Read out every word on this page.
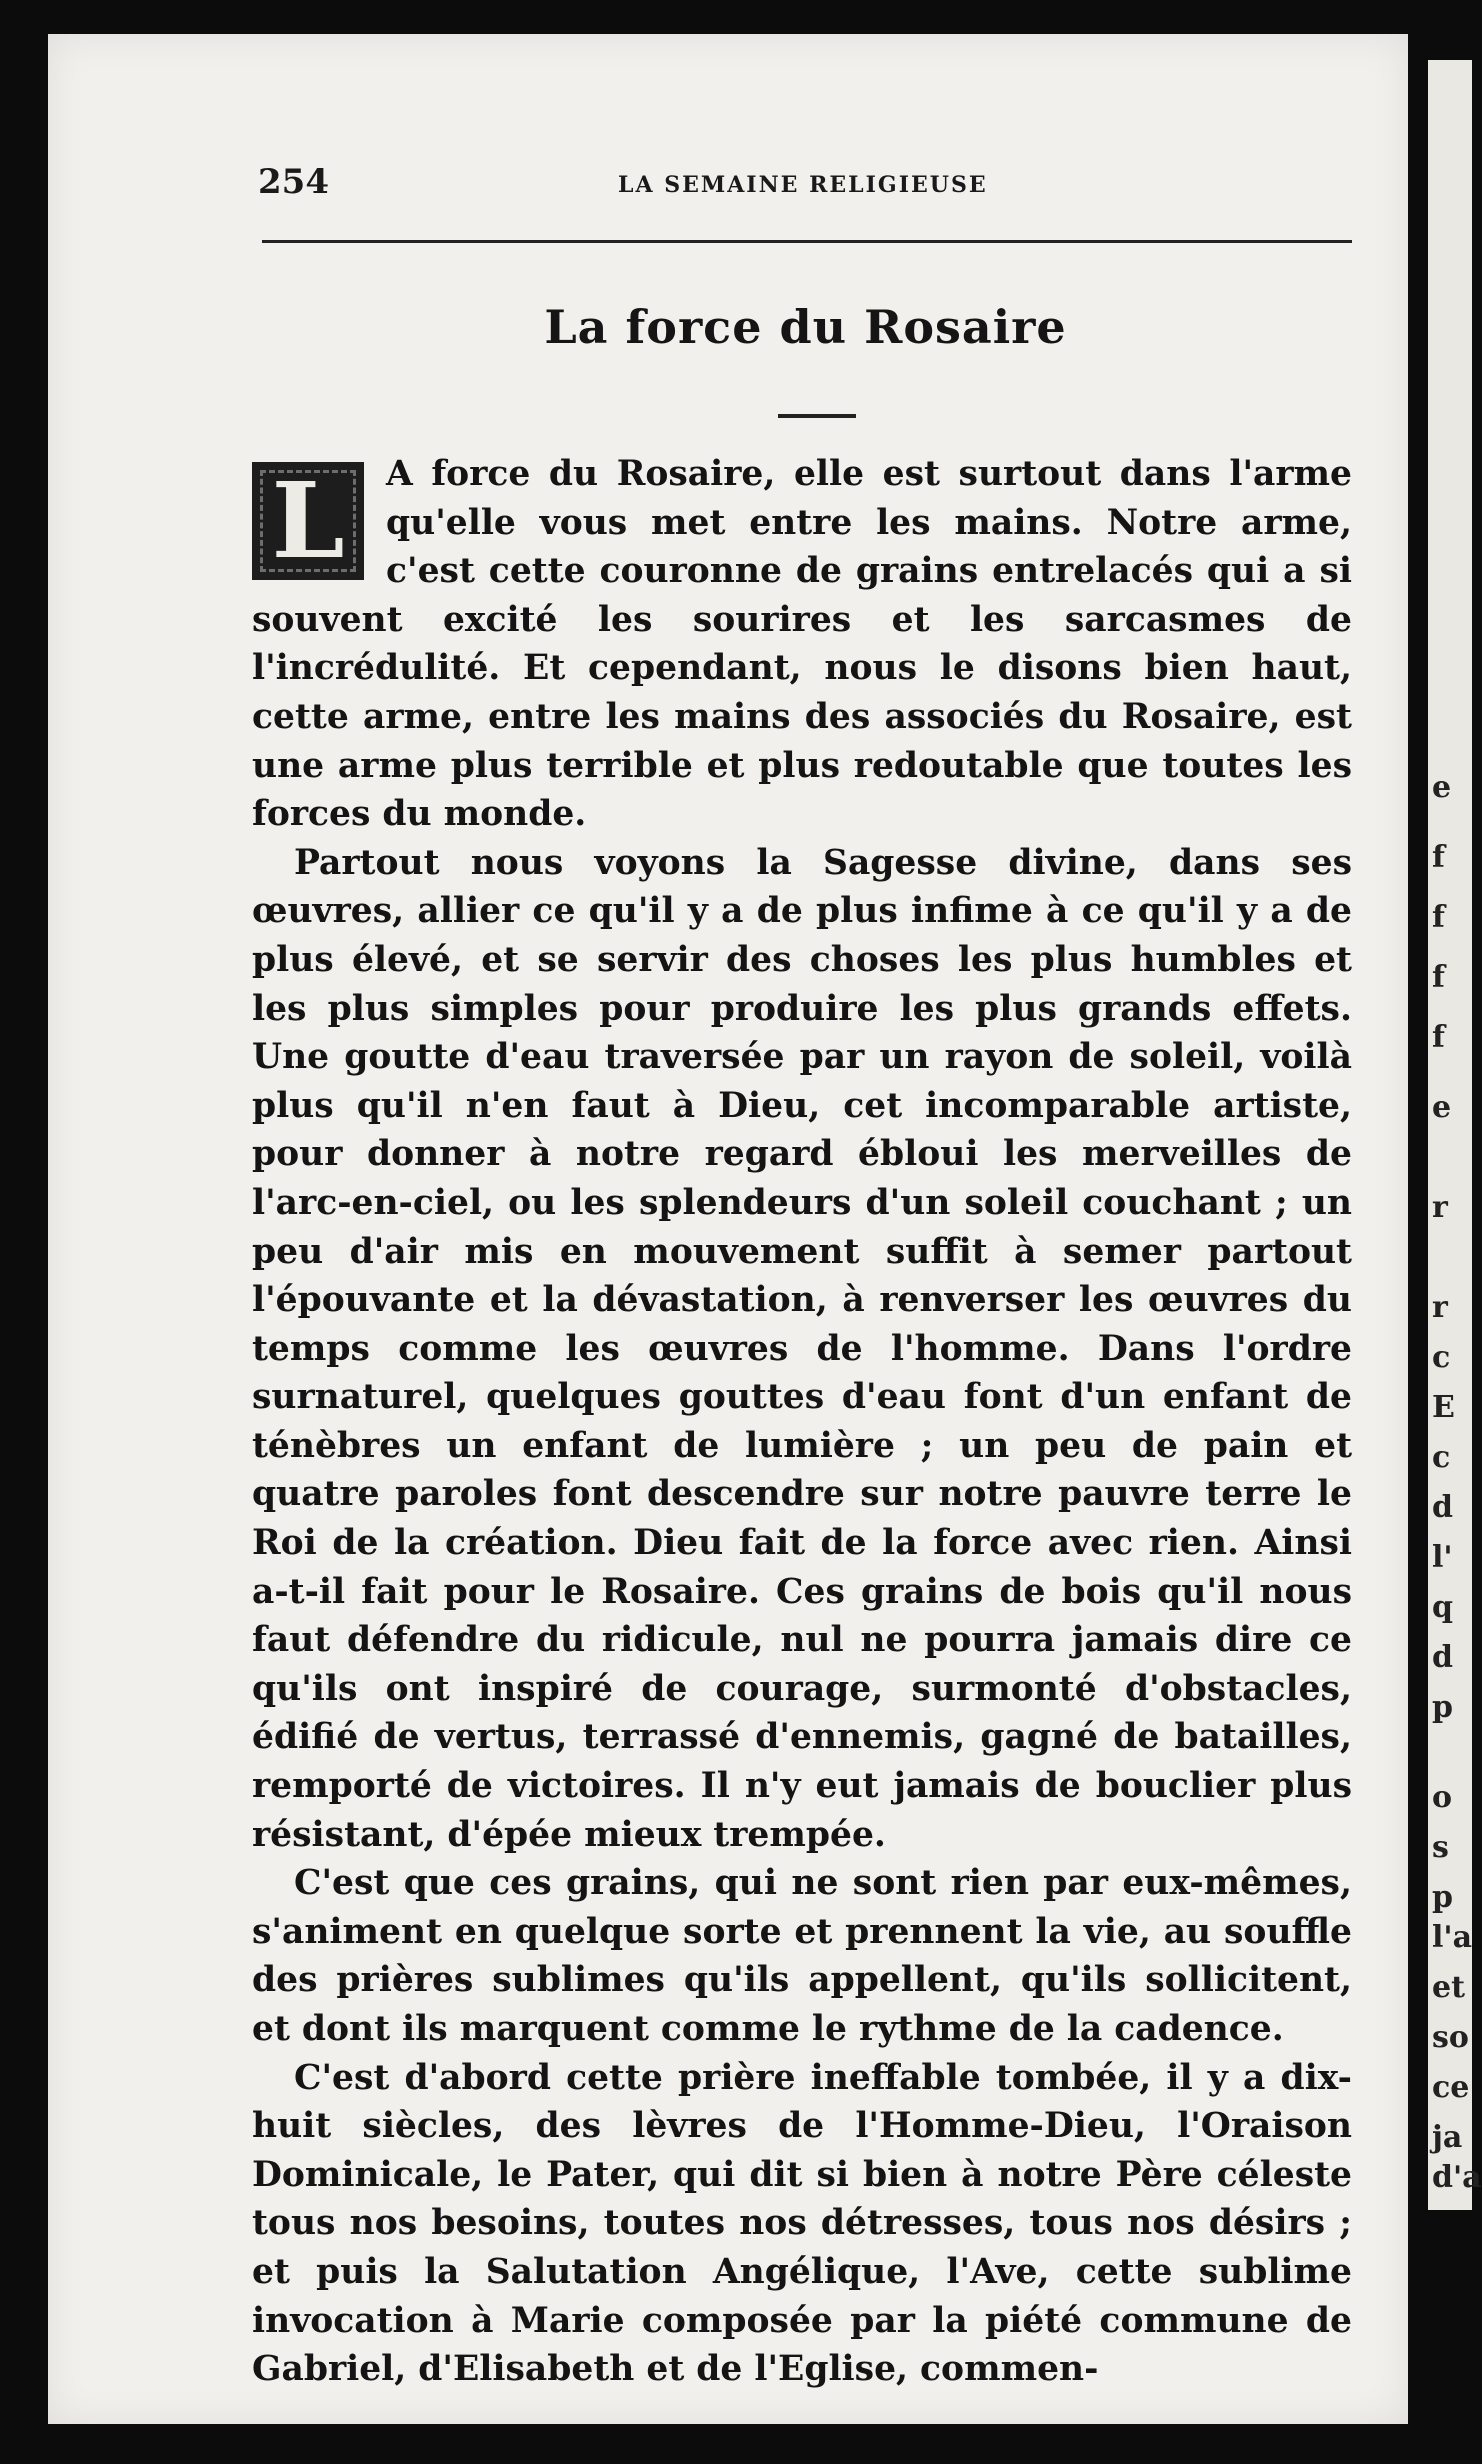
e
f
f
f
f
e
r
r
c
E
c
d
l'
q
d
p
o
s
p
l'a
et
so
ce
ja
d'a
254	LA SEMAINE RELIGIEUSE
La force du Rosaire

L	A force du Rosaire, elle est surtout dans l'arme qu'elle vous met entre les mains. Notre arme, c'est cette couronne de grains entrelacés qui a si souvent excité les sourires et les sarcasmes de l'incrédulité. Et cependant, nous le disons bien haut, cette arme, entre les mains des associés du Rosaire, est une arme plus terrible et plus redoutable que toutes les forces du monde.

Partout nous voyons la Sagesse divine, dans ses œuvres, allier ce qu'il y a de plus infime à ce qu'il y a de plus élevé, et se servir des choses les plus humbles et les plus simples pour produire les plus grands effets. Une goutte d'eau traversée par un rayon de soleil, voilà plus qu'il n'en faut à Dieu, cet incomparable artiste, pour donner à notre regard ébloui les merveilles de l'arc-en-ciel, ou les splendeurs d'un soleil couchant ; un peu d'air mis en mouvement suffit à semer partout l'épouvante et la dévastation, à renverser les œuvres du temps comme les œuvres de l'homme. Dans l'ordre surnaturel, quelques gouttes d'eau font d'un enfant de ténèbres un enfant de lumière ; un peu de pain et quatre paroles font descendre sur notre pauvre terre le Roi de la création. Dieu fait de la force avec rien. Ainsi a-t-il fait pour le Rosaire. Ces grains de bois qu'il nous faut défendre du ridicule, nul ne pourra jamais dire ce qu'ils ont inspiré de courage, surmonté d'obstacles, édifié de vertus, terrassé d'ennemis, gagné de batailles, remporté de victoires. Il n'y eut jamais de bouclier plus résistant, d'épée mieux trempée.

C'est que ces grains, qui ne sont rien par eux-mêmes, s'animent en quelque sorte et prennent la vie, au souffle des prières sublimes qu'ils appellent, qu'ils sollicitent, et dont ils marquent comme le rythme de la cadence.

C'est d'abord cette prière ineffable tombée, il y a dix-huit siècles, des lèvres de l'Homme-Dieu, l'Oraison Dominicale, le Pater, qui dit si bien à notre Père céleste tous nos besoins, toutes nos détresses, tous nos désirs ; et puis la Salutation Angélique, l'Ave, cette sublime invocation à Marie composée par la piété commune de Gabriel, d'Elisabeth et de l'Eglise, commen-
